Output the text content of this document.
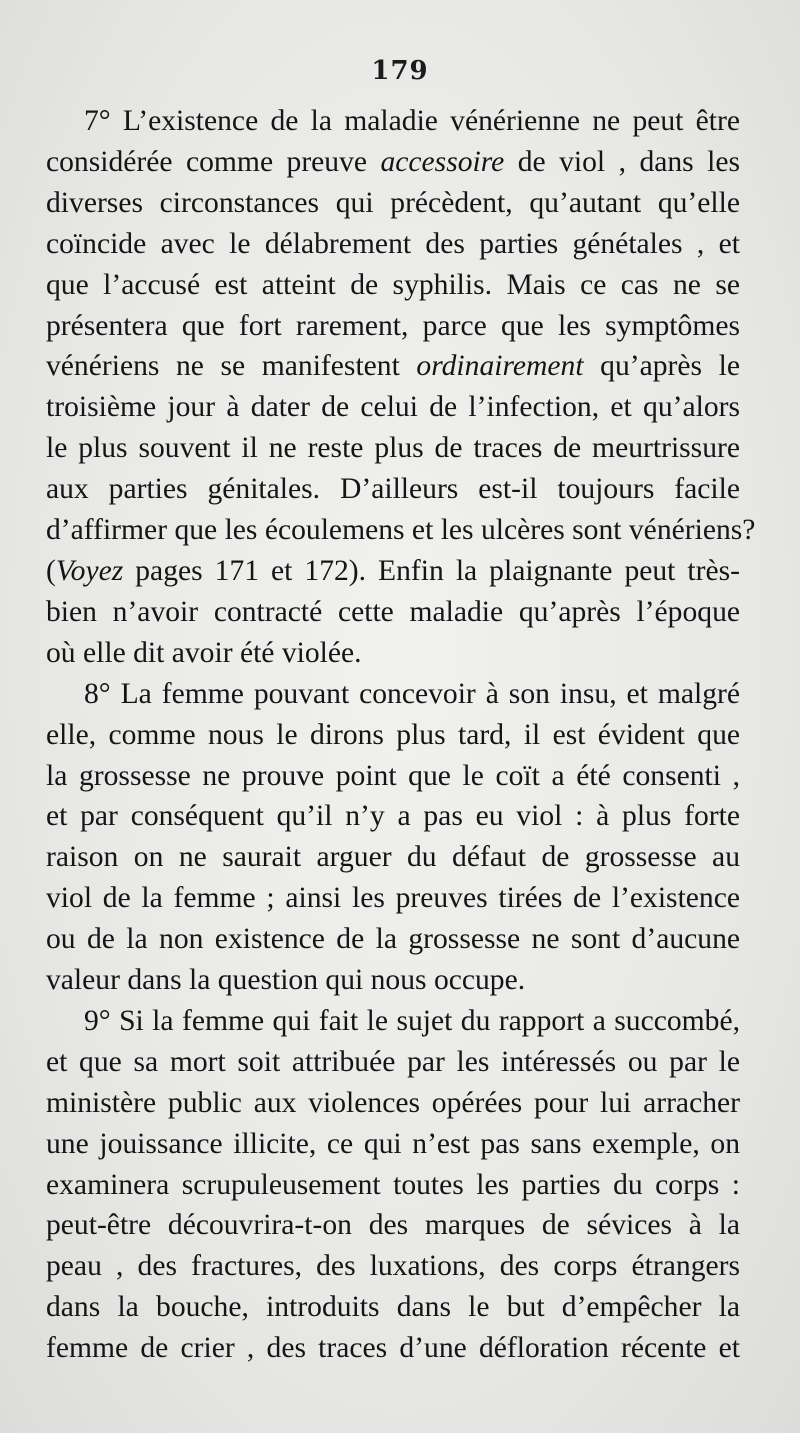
179
7° L’existence de la maladie vénérienne ne peut être
considérée comme preuve accessoire de viol , dans les
diverses circonstances qui précèdent, qu’autant qu’elle
coïncide avec le délabrement des parties génétales , et
que l’accusé est atteint de syphilis. Mais ce cas ne se
présentera que fort rarement, parce que les symptômes
vénériens ne se manifestent ordinairement qu’après le
troisième jour à dater de celui de l’infection, et qu’alors
le plus souvent il ne reste plus de traces de meurtrissure
aux parties génitales. D’ailleurs est-il toujours facile
d’affirmer que les écoulemens et les ulcères sont vénériens?
(Voyez pages 171 et 172). Enfin la plaignante peut très-
bien n’avoir contracté cette maladie qu’après l’époque
où elle dit avoir été violée.
8° La femme pouvant concevoir à son insu, et malgré
elle, comme nous le dirons plus tard, il est évident que
la grossesse ne prouve point que le coït a été consenti ,
et par conséquent qu’il n’y a pas eu viol : à plus forte
raison on ne saurait arguer du défaut de grossesse au
viol de la femme ; ainsi les preuves tirées de l’existence
ou de la non existence de la grossesse ne sont d’aucune
valeur dans la question qui nous occupe.
9° Si la femme qui fait le sujet du rapport a succombé,
et que sa mort soit attribuée par les intéressés ou par le
ministère public aux violences opérées pour lui arracher
une jouissance illicite, ce qui n’est pas sans exemple, on
examinera scrupuleusement toutes les parties du corps :
peut-être découvrira-t-on des marques de sévices à la
peau , des fractures, des luxations, des corps étrangers
dans la bouche, introduits dans le but d’empêcher la
femme de crier , des traces d’une défloration récente et
